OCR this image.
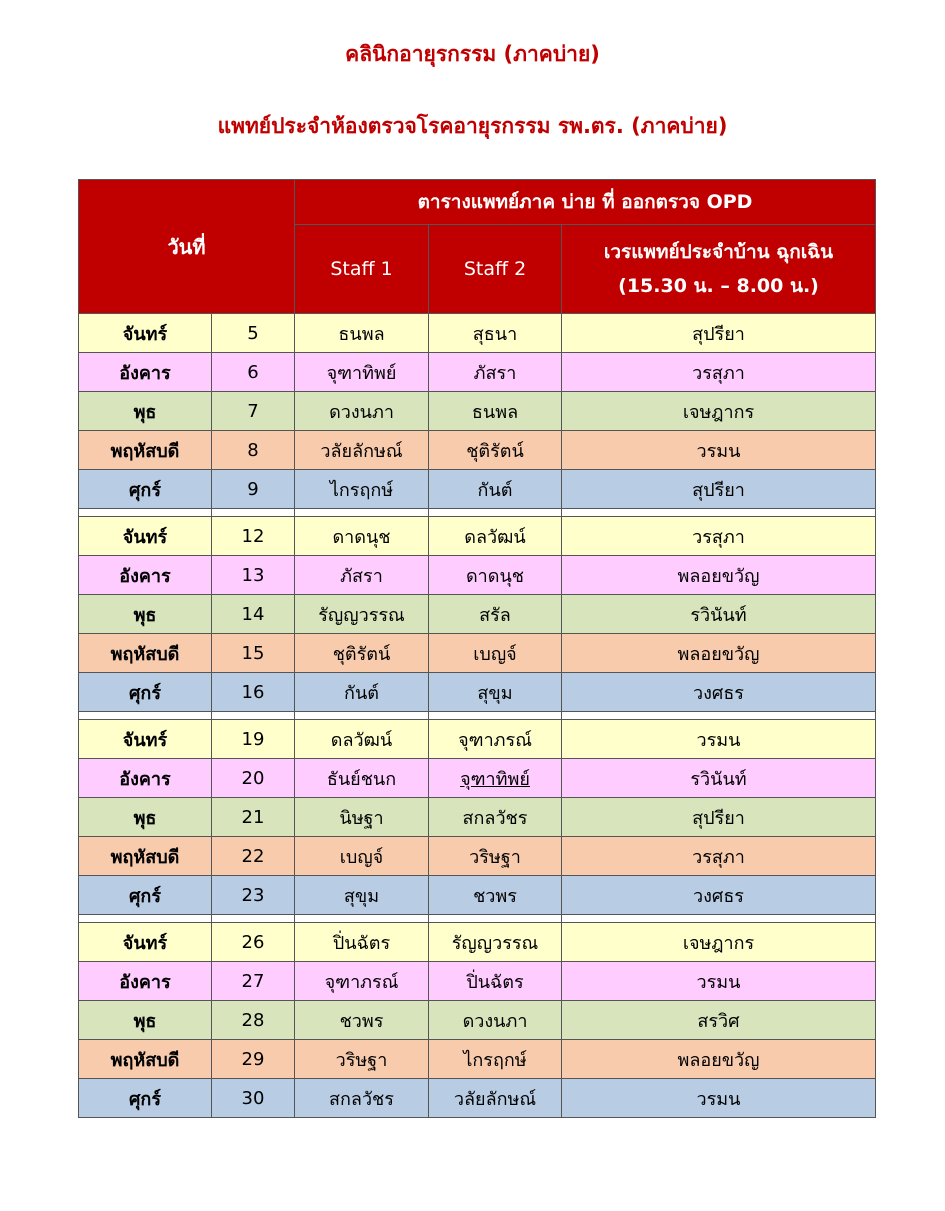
คลินิกอายุรกรรม (ภาคบ่าย)
แพทย์ประจำห้องตรวจโรคอายุรกรรม รพ.ตร. (ภาคบ่าย)
วันที่		ตารางแพทย์ภาค บ่าย ที่ ออกตรวจ OPD		
		Staff 1	Staff 2	เวรแพทย์ประจำบ้าน ฉุกเฉิน
(15.30 น. – 8.00 น.)

จันทร์	5	ธนพล	สุธนา	สุปรียา
อังคาร	6	จุฑาทิพย์	ภัสรา	วรสุภา
พุธ	7	ดวงนภา	ธนพล	เจษฎากร
พฤหัสบดี	8	วลัยลักษณ์	ชุติรัตน์	วรมน
ศุกร์	9	ไกรฤกษ์	กันต์	สุปรียา

จันทร์	12	ดาดนุช	ดลวัฒน์	วรสุภา
อังคาร	13	ภัสรา	ดาดนุช	พลอยขวัญ
พุธ	14	รัญญวรรณ	สรัล	รวินันท์
พฤหัสบดี	15	ชุติรัตน์	เบญจ์	พลอยขวัญ
ศุกร์	16	กันต์	สุขุม	วงศธร

จันทร์	19	ดลวัฒน์	จุฑาภรณ์	วรมน
อังคาร	20	ธันย์ชนก	จุฑาทิพย์	รวินันท์
พุธ	21	นิษฐา	สกลวัชร	สุปรียา
พฤหัสบดี	22	เบญจ์	วริษฐา	วรสุภา
ศุกร์	23	สุขุม	ชวพร	วงศธร

จันทร์	26	ปิ่นฉัตร	รัญญวรรณ	เจษฎากร
อังคาร	27	จุฑาภรณ์	ปิ่นฉัตร	วรมน
พุธ	28	ชวพร	ดวงนภา	สรวิศ
พฤหัสบดี	29	วริษฐา	ไกรฤกษ์	พลอยขวัญ
ศุกร์	30	สกลวัชร	วลัยลักษณ์	วรมน
